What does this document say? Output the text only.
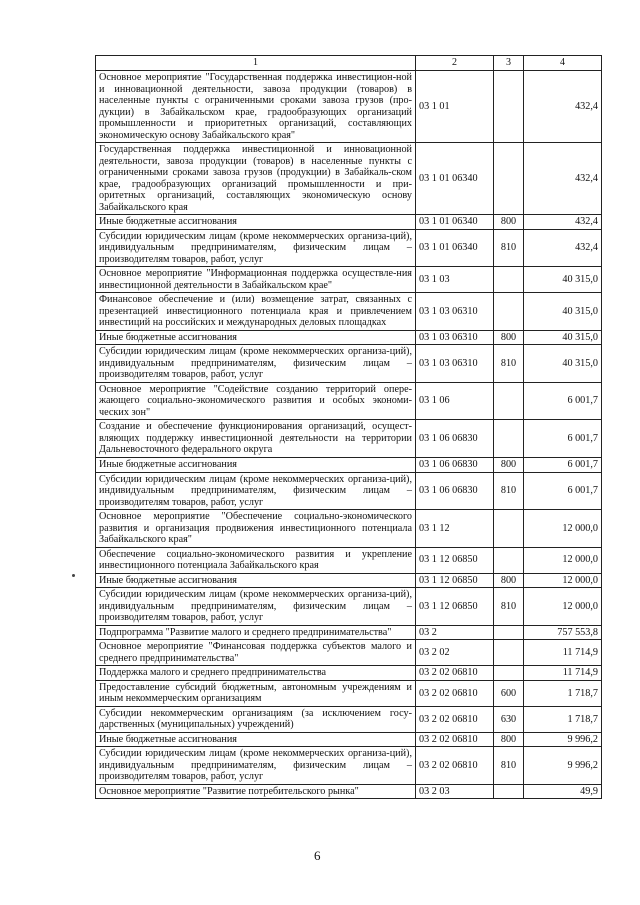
1	2	3	4
Основное мероприятие "Государственная поддержка инвестицион-ной и инновационной деятельности, завоза продукции (товаров) в населенные пункты с ограниченными сроками завоза грузов (про-дукции) в Забайкальском крае, градообразующих организаций промышленности и приоритетных организаций, составляющих экономическую основу Забайкальского края"	03 1 01		432,4
Государственная поддержка инвестиционной и инновационной деятельности, завоза продукции (товаров) в населенные пункты с ограниченными сроками завоза грузов (продукции) в Забайкаль-ском крае, градообразующих организаций промышленности и при-оритетных организаций, составляющих экономическую основу Забайкальского края	03 1 01 06340		432,4
Иные бюджетные ассигнования	03 1 01 06340	800	432,4
Субсидии юридическим лицам (кроме некоммерческих организа-ций), индивидуальным предпринимателям, физическим лицам – производителям товаров, работ, услуг	03 1 01 06340	810	432,4
Основное мероприятие "Информационная поддержка осуществле-ния инвестиционной деятельности в Забайкальском крае"	03 1 03		40 315,0
Финансовое обеспечение и (или) возмещение затрат, связанных с презентацией инвестиционного потенциала края и привлечением инвестиций на российских и международных деловых площадках	03 1 03 06310		40 315,0
Иные бюджетные ассигнования	03 1 03 06310	800	40 315,0
Субсидии юридическим лицам (кроме некоммерческих организа-ций), индивидуальным предпринимателям, физическим лицам – производителям товаров, работ, услуг	03 1 03 06310	810	40 315,0
Основное мероприятие "Содействие созданию территорий опере-жающего социально-экономического развития и особых экономи-ческих зон"	03 1 06		6 001,7
Создание и обеспечение функционирования организаций, осущест-вляющих поддержку инвестиционной деятельности на территории Дальневосточного федерального округа	03 1 06 06830		6 001,7
Иные бюджетные ассигнования	03 1 06 06830	800	6 001,7
Субсидии юридическим лицам (кроме некоммерческих организа-ций), индивидуальным предпринимателям, физическим лицам – производителям товаров, работ, услуг	03 1 06 06830	810	6 001,7
Основное мероприятие "Обеспечение социально-экономического развития и организация продвижения инвестиционного потенциала Забайкальского края"	03 1 12		12 000,0
Обеспечение социально-экономического развития и укрепление инвестиционного потенциала Забайкальского края	03 1 12 06850		12 000,0
Иные бюджетные ассигнования	03 1 12 06850	800	12 000,0
Субсидии юридическим лицам (кроме некоммерческих организа-ций), индивидуальным предпринимателям, физическим лицам – производителям товаров, работ, услуг	03 1 12 06850	810	12 000,0
Подпрограмма "Развитие малого и среднего предпринимательства"	03 2		757 553,8
Основное мероприятие "Финансовая поддержка субъектов малого и среднего предпринимательства"	03 2 02		11 714,9
Поддержка малого и среднего предпринимательства	03 2 02 06810		11 714,9
Предоставление субсидий бюджетным, автономным учреждениям и иным некоммерческим организациям	03 2 02 06810	600	1 718,7
Субсидии некоммерческим организациям (за исключением госу-дарственных (муниципальных) учреждений)	03 2 02 06810	630	1 718,7
Иные бюджетные ассигнования	03 2 02 06810	800	9 996,2
Субсидии юридическим лицам (кроме некоммерческих организа-ций), индивидуальным предпринимателям, физическим лицам – производителям товаров, работ, услуг	03 2 02 06810	810	9 996,2
Основное мероприятие "Развитие потребительского рынка"	03 2 03		49,9
6
